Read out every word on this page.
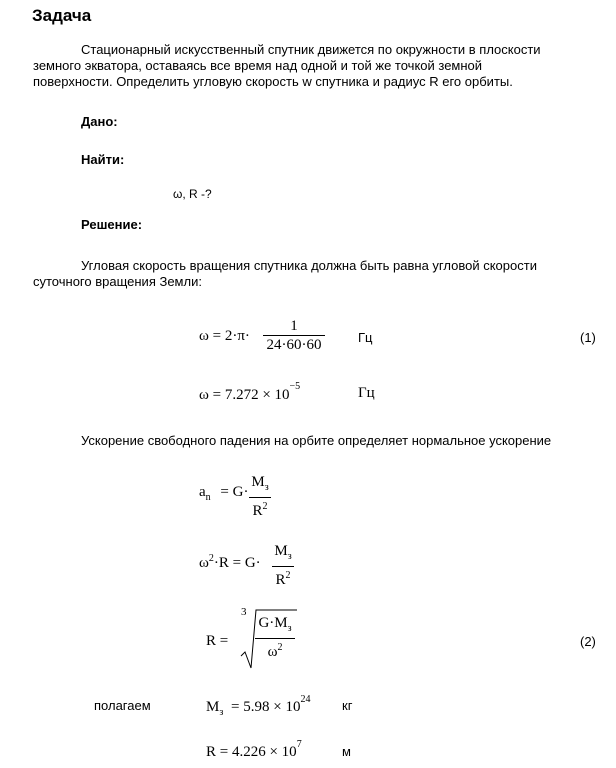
Задача
Стационарный искусственный спутник движется по окружности в плоскости
земного экватора, оставаясь все время над одной и той же точкой земной
поверхности. Определить угловую скорость w спутника и радиус R его орбиты.
Дано:
Найти:
ω, R -?
Решение:
Угловая скорость вращения спутника должна быть равна угловой скорости
суточного вращения Земли:
ω = 2·π·
1
24·60·60	Гц	(1)
$\omega = 7.272 \times 10^{-5}$	Гц
Ускорение свободного падения на орбите определяет нормальное ускорение
$a_n = G\cdot$
$M_з$
$R^2$
$\omega^2\cdot R = G\cdot$
$M_з$
$R^2$
R =
3
$G\cdot M_з$
$\omega^2$	(2)
полагаем	$M_з = 5.98 \times 10^{24}$ кг
$R = 4.226 \times 10^7$	м
